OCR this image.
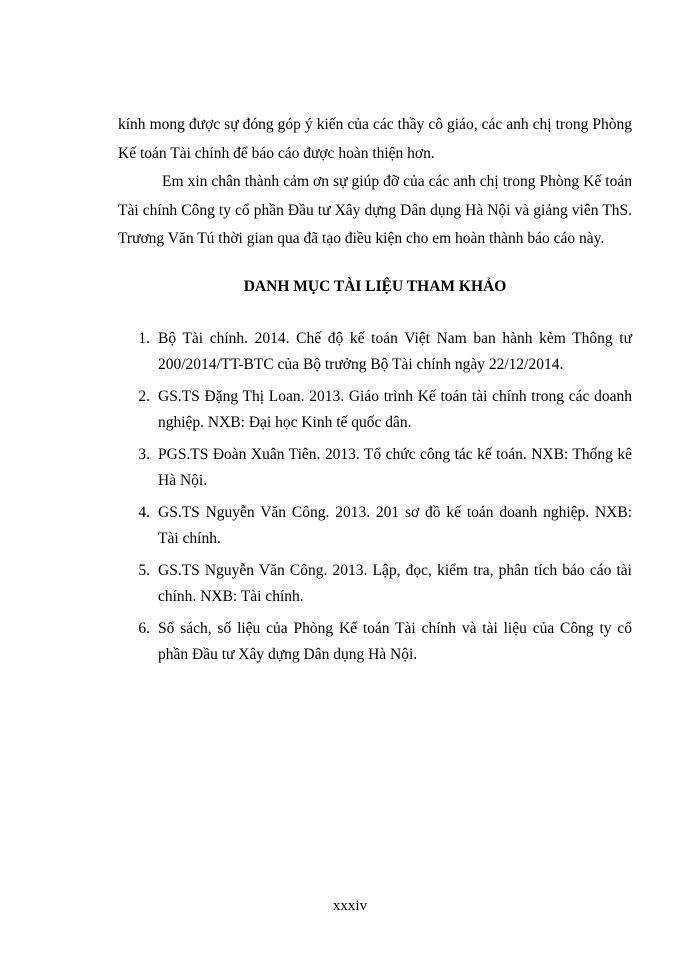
kính mong được sự đóng góp ý kiến của các thầy cô giáo, các anh chị trong Phòng Kế toán Tài chính để báo cáo được hoàn thiện hơn.

Em xin chân thành cảm ơn sự giúp đỡ của các anh chị trong Phòng Kế toán Tài chính Công ty cổ phần Đầu tư Xây dựng Dân dụng Hà Nội và giảng viên ThS. Trương Văn Tú thời gian qua đã tạo điều kiện cho em hoàn thành báo cáo này.

DANH MỤC TÀI LIỆU THAM KHẢO
1. Bộ Tài chính. 2014. Chế độ kế toán Việt Nam ban hành kèm Thông tư 200/2014/TT-BTC của Bộ trưởng Bộ Tài chính ngày 22/12/2014.
2. GS.TS Đặng Thị Loan. 2013. Giáo trình Kế toán tài chính trong các doanh nghiệp. NXB: Đại học Kinh tế quốc dân.
3. PGS.TS Đoàn Xuân Tiên. 2013. Tổ chức công tác kế toán. NXB: Thống kê Hà Nội.
4. GS.TS Nguyễn Văn Công. 2013. 201 sơ đồ kế toán doanh nghiệp. NXB: Tài chính.
5. GS.TS Nguyễn Văn Công. 2013. Lập, đọc, kiểm tra, phân tích báo cáo tài chính. NXB: Tài chính.
6. Sổ sách, số liệu của Phòng Kế toán Tài chính và tài liệu của Công ty cổ phần Đầu tư Xây dựng Dân dụng Hà Nội.

xxxiv
